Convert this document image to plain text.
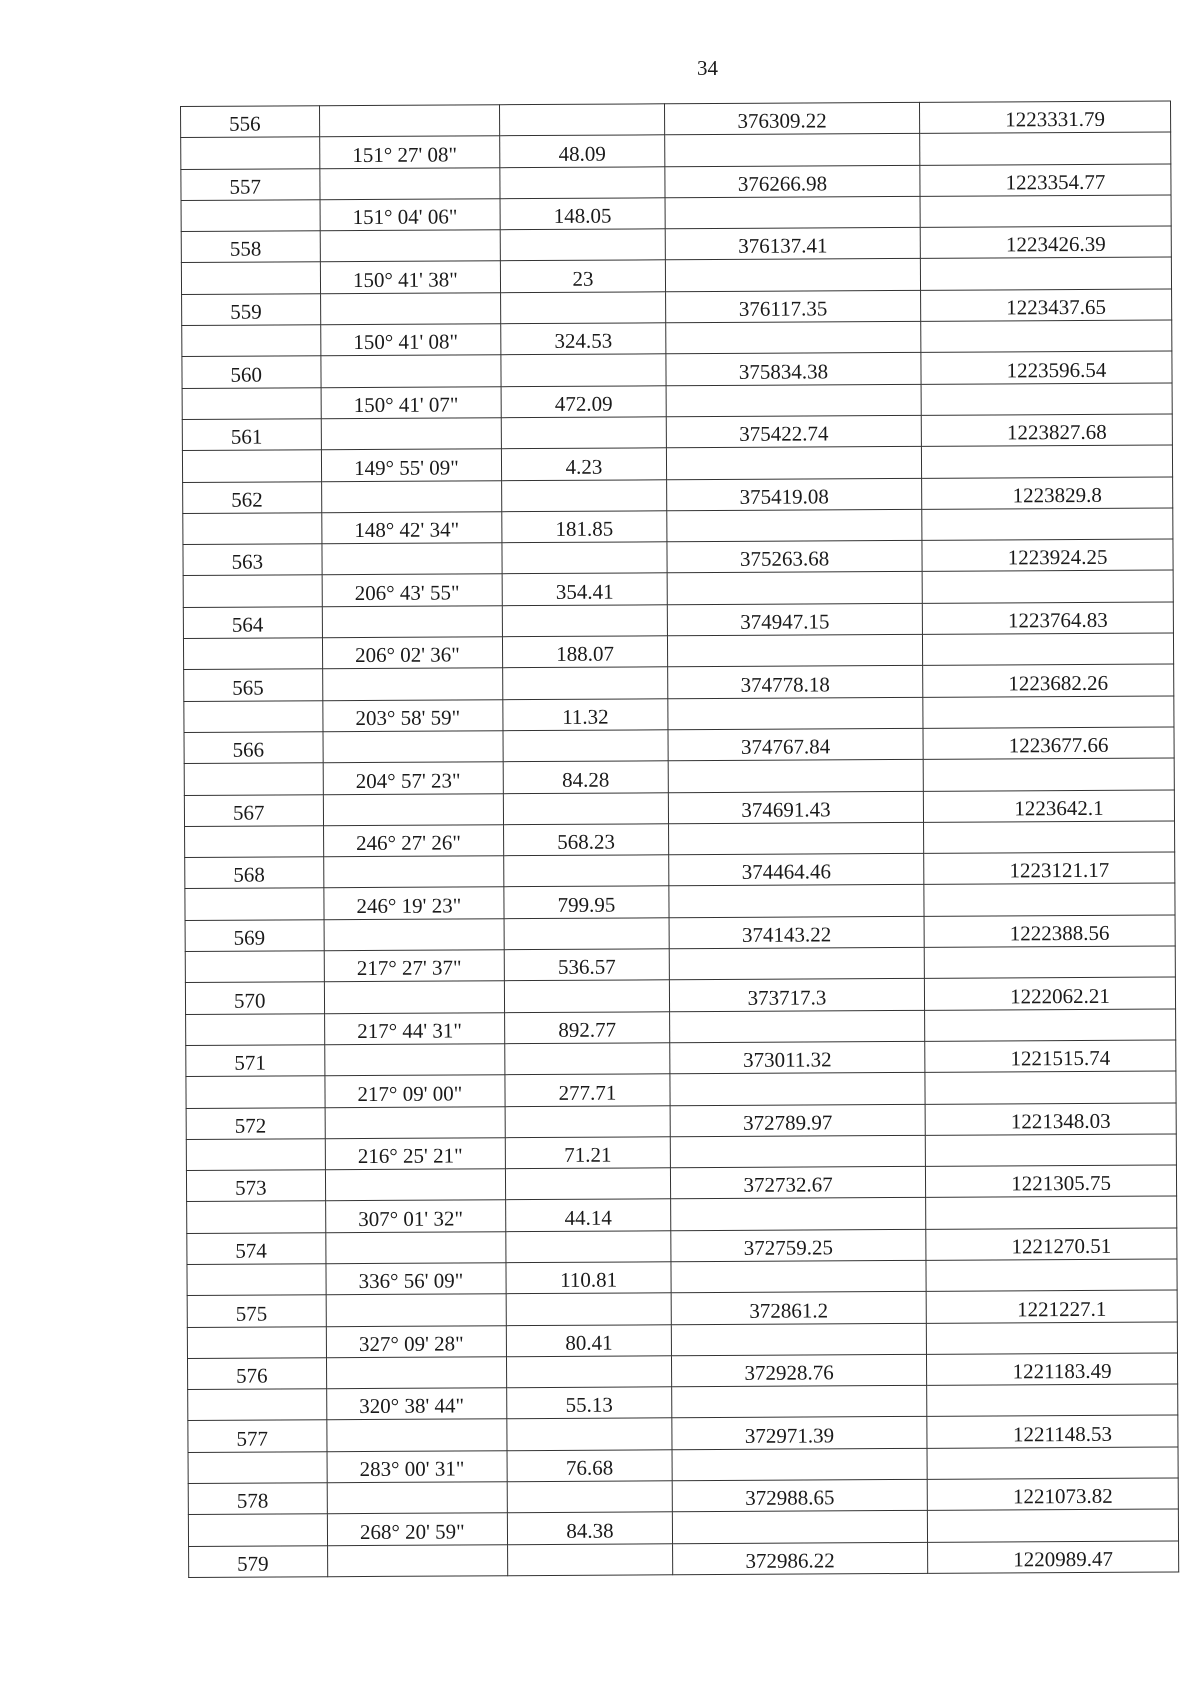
34
556			376309.22	1223331.79
	151° 27' 08"	48.09		
557			376266.98	1223354.77
	151° 04' 06"	148.05		
558			376137.41	1223426.39
	150° 41' 38"	23		
559			376117.35	1223437.65
	150° 41' 08"	324.53		
560			375834.38	1223596.54
	150° 41' 07"	472.09		
561			375422.74	1223827.68
	149° 55' 09"	4.23		
562			375419.08	1223829.8
	148° 42' 34"	181.85		
563			375263.68	1223924.25
	206° 43' 55"	354.41		
564			374947.15	1223764.83
	206° 02' 36"	188.07		
565			374778.18	1223682.26
	203° 58' 59"	11.32		
566			374767.84	1223677.66
	204° 57' 23"	84.28		
567			374691.43	1223642.1
	246° 27' 26"	568.23		
568			374464.46	1223121.17
	246° 19' 23"	799.95		
569			374143.22	1222388.56
	217° 27' 37"	536.57		
570			373717.3	1222062.21
	217° 44' 31"	892.77		
571			373011.32	1221515.74
	217° 09' 00"	277.71		
572			372789.97	1221348.03
	216° 25' 21"	71.21		
573			372732.67	1221305.75
	307° 01' 32"	44.14		
574			372759.25	1221270.51
	336° 56' 09"	110.81		
575			372861.2	1221227.1
	327° 09' 28"	80.41		
576			372928.76	1221183.49
	320° 38' 44"	55.13		
577			372971.39	1221148.53
	283° 00' 31"	76.68		
578			372988.65	1221073.82
	268° 20' 59"	84.38		
579			372986.22	1220989.47
